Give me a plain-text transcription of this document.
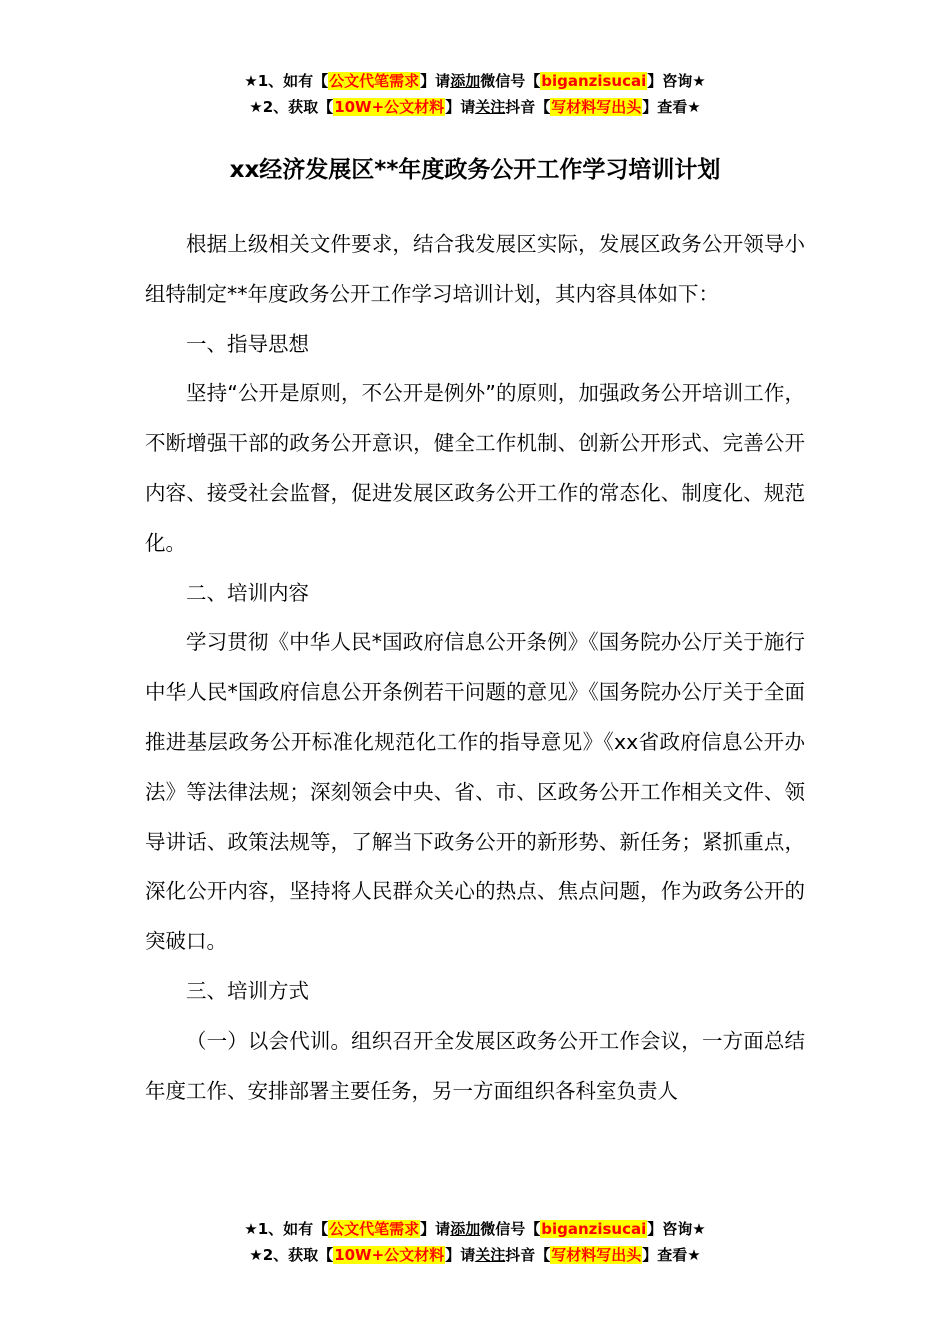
★1、如有【公文代笔需求】请添加微信号【biganzisucai】咨询★
★2、获取【10W+公文材料】请关注抖音【写材料写出头】查看★
xx经济发展区**年度政务公开工作学习培训计划

根据上级相关文件要求，结合我发展区实际，发展区政务公开领导小组特制定**年度政务公开工作学习培训计划，其内容具体如下：

一、指导思想

坚持“公开是原则，不公开是例外”的原则，加强政务公开培训工作，不断增强干部的政务公开意识，健全工作机制、创新公开形式、完善公开内容、接受社会监督，促进发展区政务公开工作的常态化、制度化、规范化。

二、培训内容

学习贯彻《中华人民*国政府信息公开条例》《国务院办公厅关于施行中华人民*国政府信息公开条例若干问题的意见》《国务院办公厅关于全面推进基层政务公开标准化规范化工作的指导意见》《xx省政府信息公开办法》等法律法规；深刻领会中央、省、市、区政务公开工作相关文件、领导讲话、政策法规等，了解当下政务公开的新形势、新任务；紧抓重点，深化公开内容，坚持将人民群众关心的热点、焦点问题，作为政务公开的突破口。

三、培训方式

（一）以会代训。组织召开全发展区政务公开工作会议，一方面总结年度工作、安排部署主要任务，另一方面组织各科室负责人

★1、如有【公文代笔需求】请添加微信号【biganzisucai】咨询★
★2、获取【10W+公文材料】请关注抖音【写材料写出头】查看★
